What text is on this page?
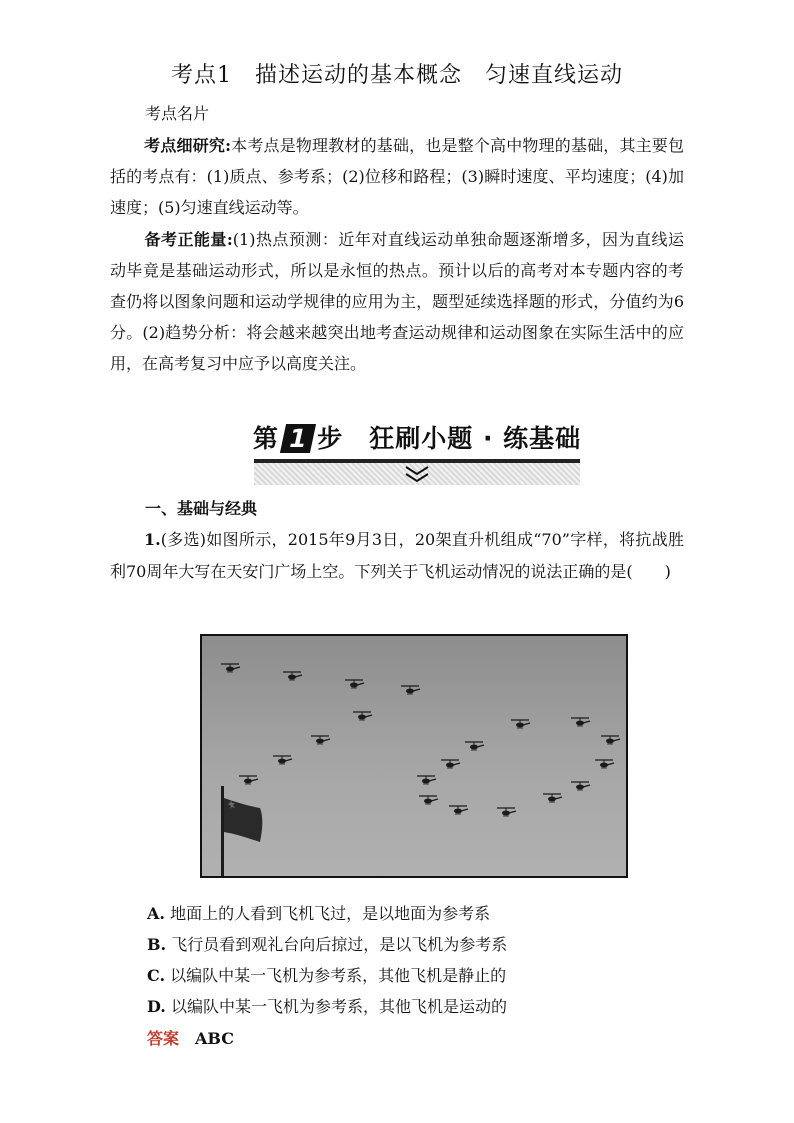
考点1　描述运动的基本概念　匀速直线运动
考点名片
考点细研究:本考点是物理教材的基础，也是整个高中物理的基础，其主要包括的考点有：(1)质点、参考系；(2)位移和路程；(3)瞬时速度、平均速度；(4)加速度；(5)匀速直线运动等。
备考正能量:(1)热点预测：近年对直线运动单独命题逐渐增多，因为直线运动毕竟是基础运动形式，所以是永恒的热点。预计以后的高考对本专题内容的考查仍将以图象问题和运动学规律的应用为主，题型延续选择题的形式，分值约为6分。(2)趋势分析：将会越来越突出地考查运动规律和运动图象在实际生活中的应用，在高考复习中应予以高度关注。
第 1 步　狂刷小题 · 练基础
一、基础与经典
1.(多选)如图所示，2015年9月3日，20架直升机组成“70”字样，将抗战胜利70周年大写在天安门广场上空。下列关于飞机运动情况的说法正确的是(　　)
A. 地面上的人看到飞机飞过，是以地面为参考系
B. 飞行员看到观礼台向后掠过，是以飞机为参考系
C. 以编队中某一飞机为参考系，其他飞机是静止的
D. 以编队中某一飞机为参考系，其他飞机是运动的
答案 ABC
